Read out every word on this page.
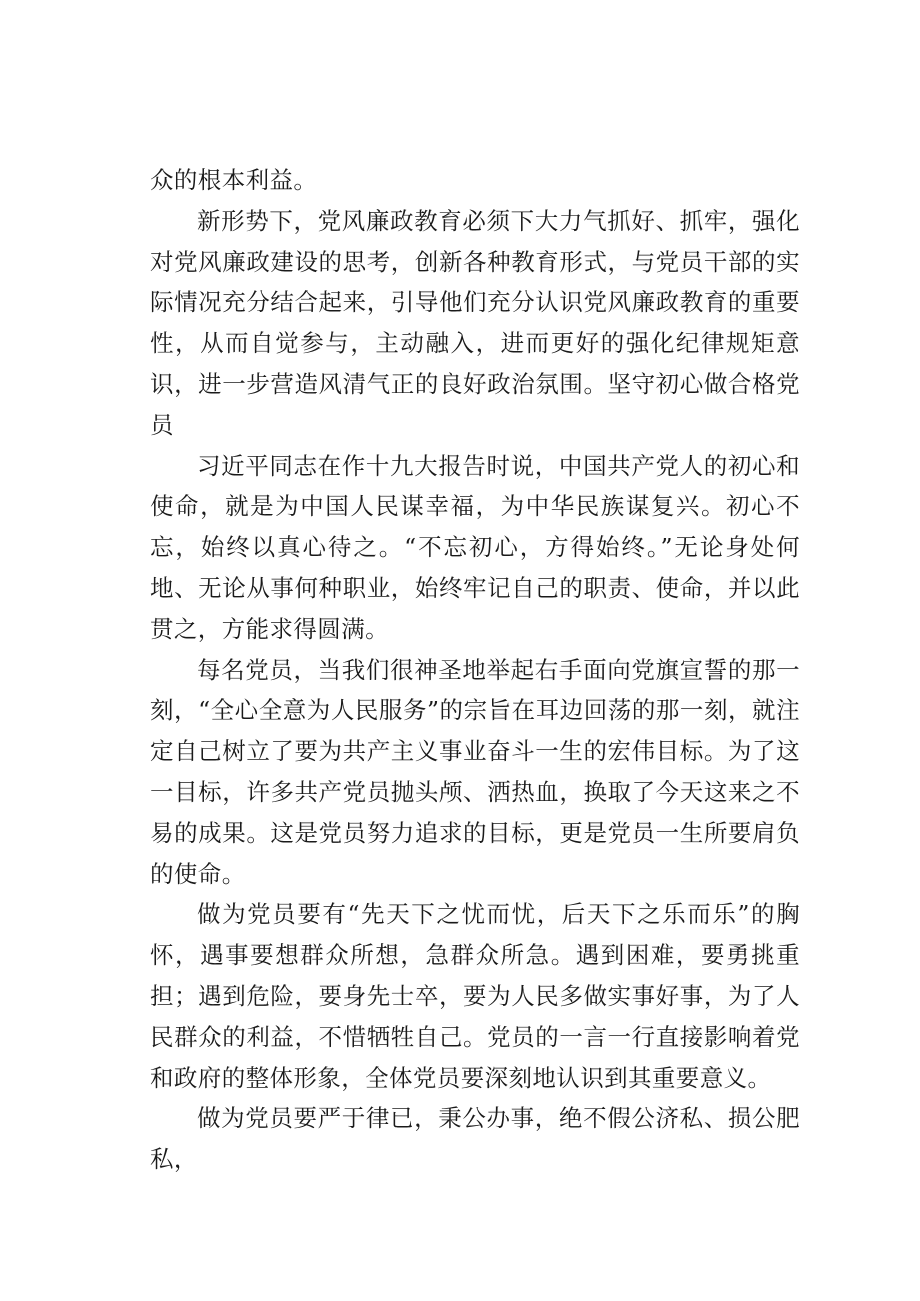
众的根本利益。

新形势下，党风廉政教育必须下大力气抓好、抓牢，强化对党风廉政建设的思考，创新各种教育形式，与党员干部的实际情况充分结合起来，引导他们充分认识党风廉政教育的重要性，从而自觉参与，主动融入，进而更好的强化纪律规矩意识，进一步营造风清气正的良好政治氛围。坚守初心做合格党员

习近平同志在作十九大报告时说，中国共产党人的初心和使命，就是为中国人民谋幸福，为中华民族谋复兴。初心不忘，始终以真心待之。“不忘初心，方得始终。”无论身处何地、无论从事何种职业，始终牢记自己的职责、使命，并以此贯之，方能求得圆满。

每名党员，当我们很神圣地举起右手面向党旗宣誓的那一刻，“全心全意为人民服务”的宗旨在耳边回荡的那一刻，就注定自己树立了要为共产主义事业奋斗一生的宏伟目标。为了这一目标，许多共产党员抛头颅、洒热血，换取了今天这来之不易的成果。这是党员努力追求的目标，更是党员一生所要肩负的使命。

做为党员要有“先天下之忧而忧，后天下之乐而乐”的胸怀，遇事要想群众所想，急群众所急。遇到困难，要勇挑重担；遇到危险，要身先士卒，要为人民多做实事好事，为了人民群众的利益，不惜牺牲自己。党员的一言一行直接影响着党和政府的整体形象，全体党员要深刻地认识到其重要意义。

做为党员要严于律已，秉公办事，绝不假公济私、损公肥私，
